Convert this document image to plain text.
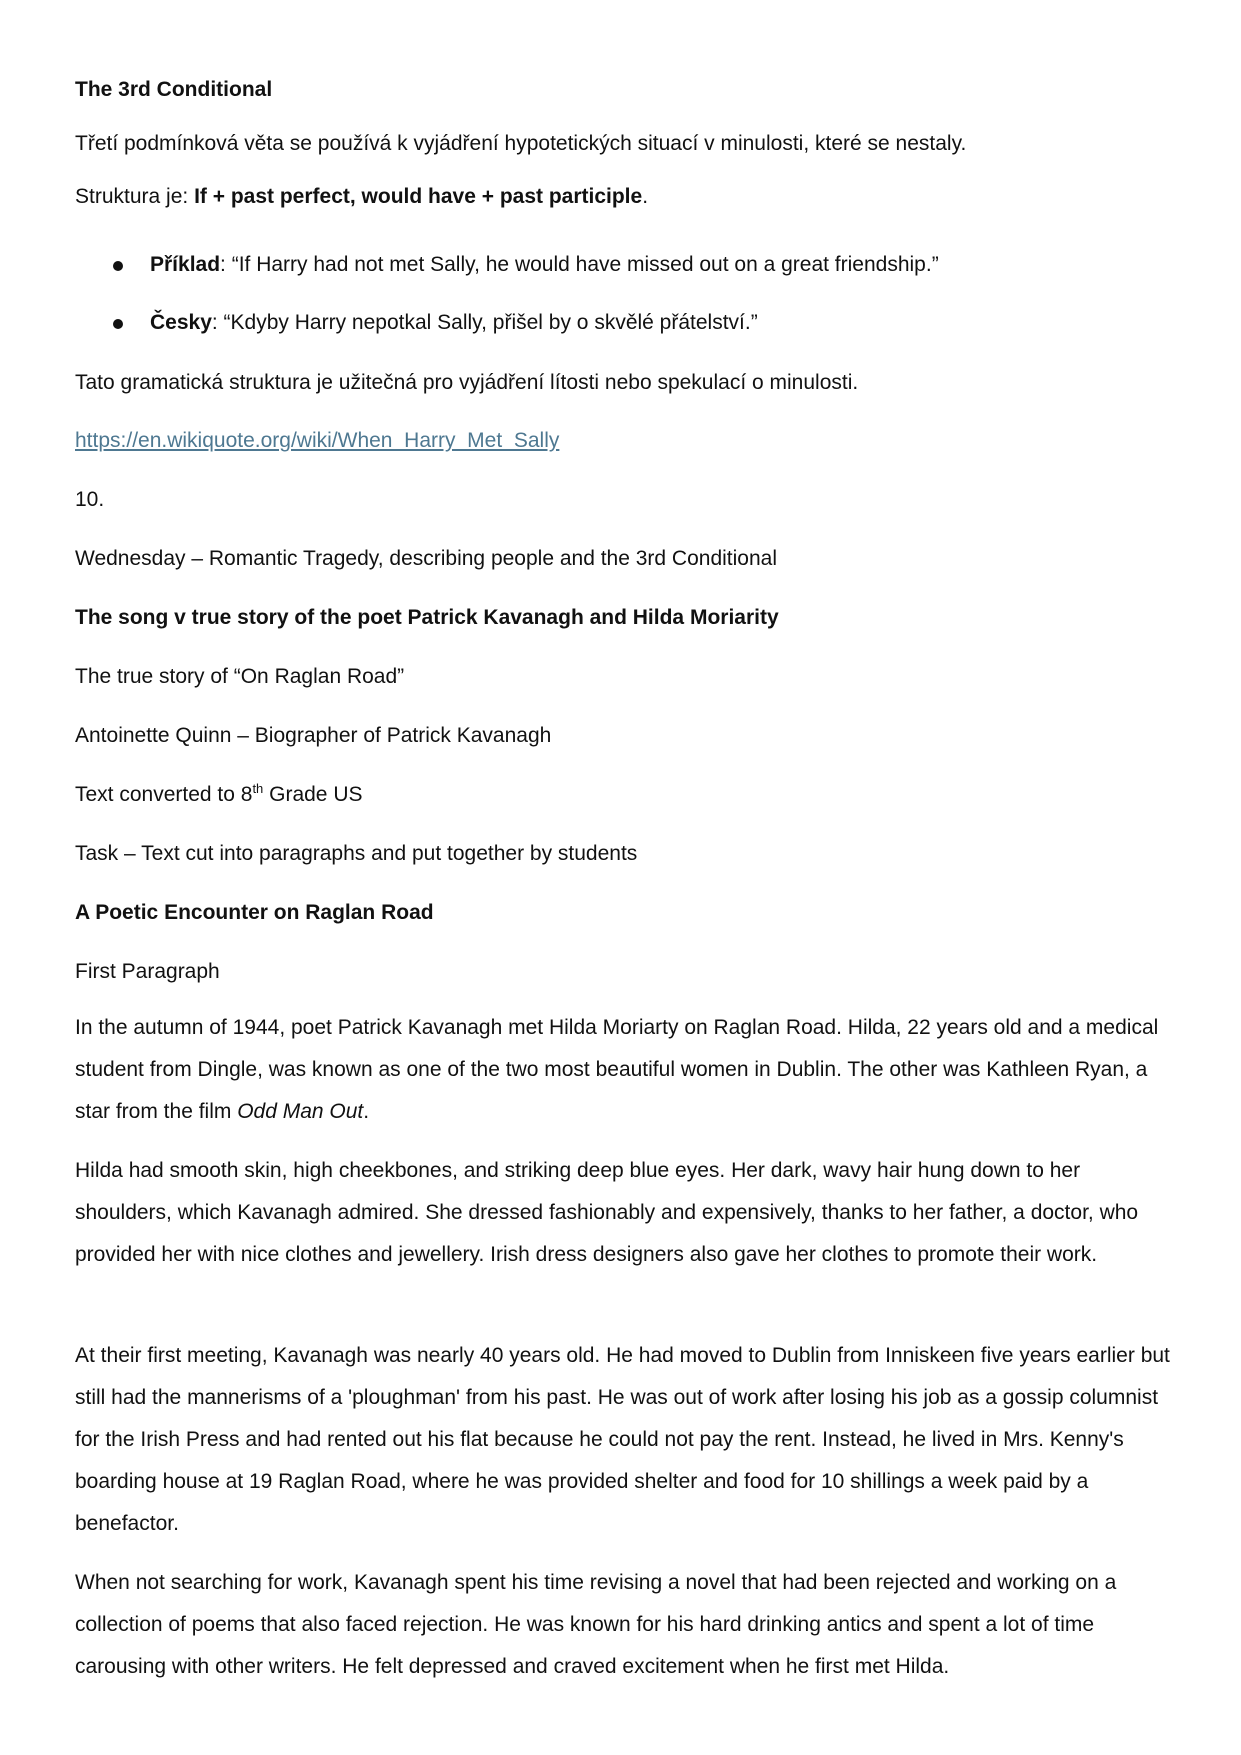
The 3rd Conditional
Třetí podmínková věta se používá k vyjádření hypotetických situací v minulosti, které se nestaly.
Struktura je: If + past perfect, would have + past participle.
Příklad: “If Harry had not met Sally, he would have missed out on a great friendship.”
Česky: “Kdyby Harry nepotkal Sally, přišel by o skvělé přátelství.”
Tato gramatická struktura je užitečná pro vyjádření lítosti nebo spekulací o minulosti.
https://en.wikiquote.org/wiki/When_Harry_Met_Sally
10.
Wednesday – Romantic Tragedy, describing people and the 3rd Conditional
The song v true story of the poet Patrick Kavanagh and Hilda Moriarity
The true story of “On Raglan Road”
Antoinette Quinn – Biographer of Patrick Kavanagh
Text converted to 8th Grade US
Task – Text cut into paragraphs and put together by students
A Poetic Encounter on Raglan Road
First Paragraph
In the autumn of 1944, poet Patrick Kavanagh met Hilda Moriarty on Raglan Road. Hilda, 22 years old and a medical student from Dingle, was known as one of the two most beautiful women in Dublin. The other was Kathleen Ryan, a star from the film Odd Man Out.
Hilda had smooth skin, high cheekbones, and striking deep blue eyes. Her dark, wavy hair hung down to her shoulders, which Kavanagh admired. She dressed fashionably and expensively, thanks to her father, a doctor, who provided her with nice clothes and jewellery. Irish dress designers also gave her clothes to promote their work.
At their first meeting, Kavanagh was nearly 40 years old. He had moved to Dublin from Inniskeen five years earlier but still had the mannerisms of a 'ploughman' from his past. He was out of work after losing his job as a gossip columnist for the Irish Press and had rented out his flat because he could not pay the rent. Instead, he lived in Mrs. Kenny's boarding house at 19 Raglan Road, where he was provided shelter and food for 10 shillings a week paid by a benefactor.
When not searching for work, Kavanagh spent his time revising a novel that had been rejected and working on a collection of poems that also faced rejection. He was known for his hard drinking antics and spent a lot of time carousing with other writers. He felt depressed and craved excitement when he first met Hilda.
